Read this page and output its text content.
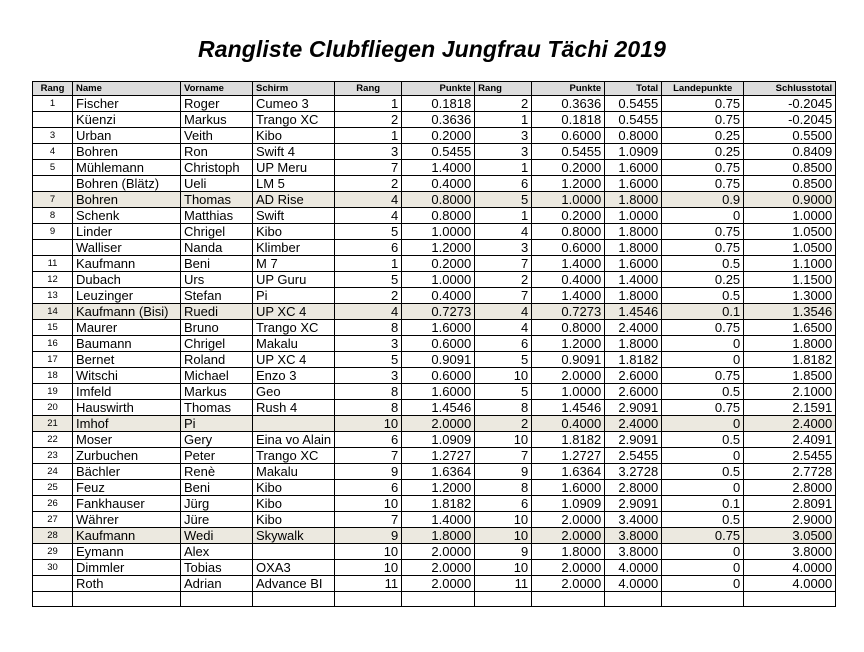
Rangliste Clubfliegen Jungfrau Tächi 2019
Rang	Name	Vorname	Schirm	Rang	Punkte	Rang	Punkte	Total	Landepunkte	Schlusstotal
1	Fischer	Roger	Cumeo 3	1	0.1818	2	0.3636	0.5455	0.75	-0.2045
	Küenzi	Markus	Trango XC	2	0.3636	1	0.1818	0.5455	0.75	-0.2045
3	Urban	Veith	Kibo	1	0.2000	3	0.6000	0.8000	0.25	0.5500
4	Bohren	Ron	Swift 4	3	0.5455	3	0.5455	1.0909	0.25	0.8409
5	Mühlemann	Christoph	UP Meru	7	1.4000	1	0.2000	1.6000	0.75	0.8500
	Bohren (Blätz)	Ueli	LM 5	2	0.4000	6	1.2000	1.6000	0.75	0.8500
7	Bohren	Thomas	AD Rise	4	0.8000	5	1.0000	1.8000	0.9	0.9000
8	Schenk	Matthias	Swift	4	0.8000	1	0.2000	1.0000	0	1.0000
9	Linder	Chrigel	Kibo	5	1.0000	4	0.8000	1.8000	0.75	1.0500
	Walliser	Nanda	Klimber	6	1.2000	3	0.6000	1.8000	0.75	1.0500
11	Kaufmann	Beni	M 7	1	0.2000	7	1.4000	1.6000	0.5	1.1000
12	Dubach	Urs	UP Guru	5	1.0000	2	0.4000	1.4000	0.25	1.1500
13	Leuzinger	Stefan	Pi	2	0.4000	7	1.4000	1.8000	0.5	1.3000
14	Kaufmann (Bisi)	Ruedi	UP XC 4	4	0.7273	4	0.7273	1.4546	0.1	1.3546
15	Maurer	Bruno	Trango XC	8	1.6000	4	0.8000	2.4000	0.75	1.6500
16	Baumann	Chrigel	Makalu	3	0.6000	6	1.2000	1.8000	0	1.8000
17	Bernet	Roland	UP XC 4	5	0.9091	5	0.9091	1.8182	0	1.8182
18	Witschi	Michael	Enzo 3	3	0.6000	10	2.0000	2.6000	0.75	1.8500
19	Imfeld	Markus	Geo	8	1.6000	5	1.0000	2.6000	0.5	2.1000
20	Hauswirth	Thomas	Rush 4	8	1.4546	8	1.4546	2.9091	0.75	2.1591
21	Imhof	Pi		10	2.0000	2	0.4000	2.4000	0	2.4000
22	Moser	Gery	Eina vo Alain	6	1.0909	10	1.8182	2.9091	0.5	2.4091
23	Zurbuchen	Peter	Trango XC	7	1.2727	7	1.2727	2.5455	0	2.5455
24	Bächler	Renè	Makalu	9	1.6364	9	1.6364	3.2728	0.5	2.7728
25	Feuz	Beni	Kibo	6	1.2000	8	1.6000	2.8000	0	2.8000
26	Fankhauser	Jürg	Kibo	10	1.8182	6	1.0909	2.9091	0.1	2.8091
27	Währer	Jüre	Kibo	7	1.4000	10	2.0000	3.4000	0.5	2.9000
28	Kaufmann	Wedi	Skywalk	9	1.8000	10	2.0000	3.8000	0.75	3.0500
29	Eymann	Alex		10	2.0000	9	1.8000	3.8000	0	3.8000
30	Dimmler	Tobias	OXA3	10	2.0000	10	2.0000	4.0000	0	4.0000
	Roth	Adrian	Advance BI	11	2.0000	11	2.0000	4.0000	0	4.0000
